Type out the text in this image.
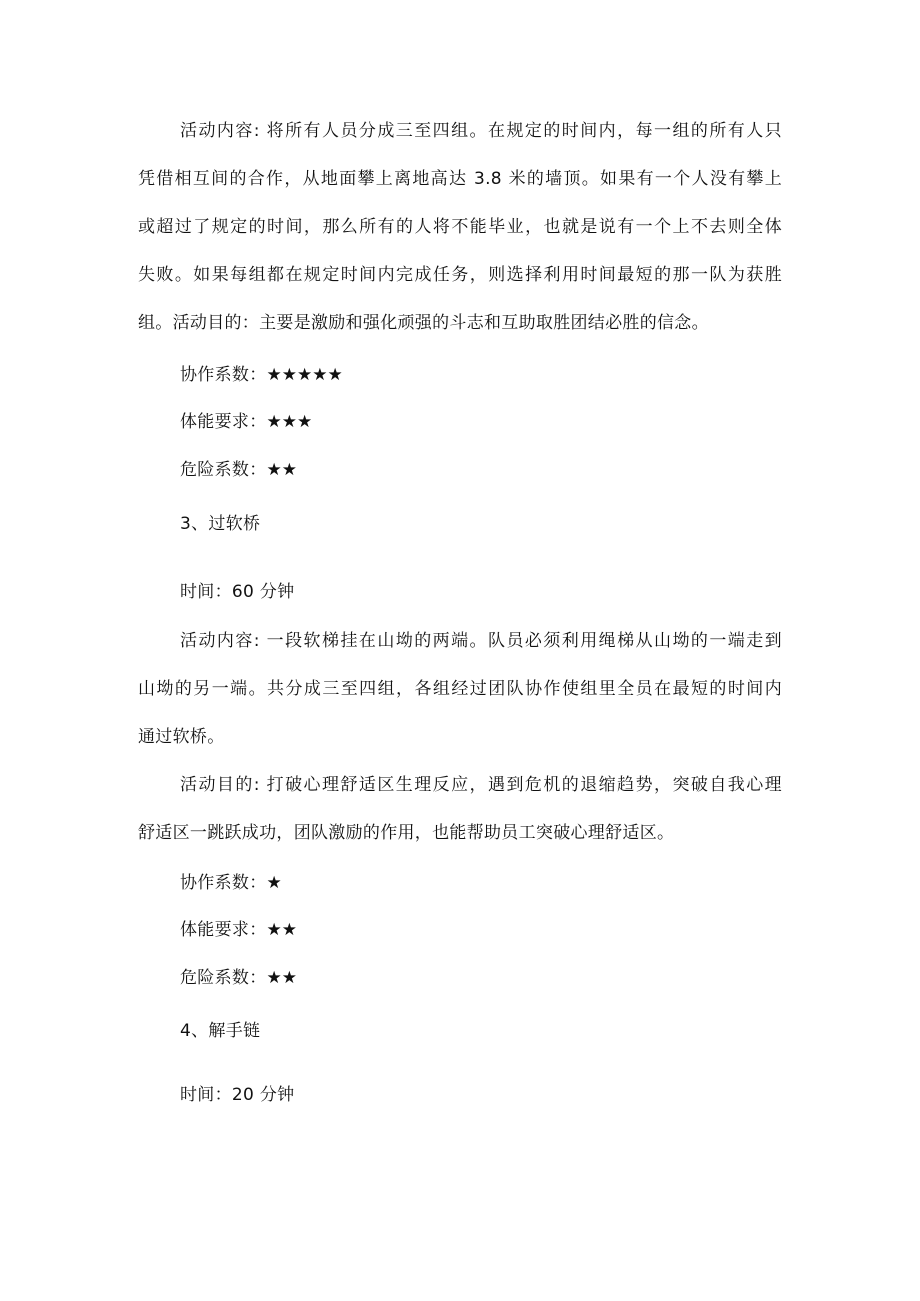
活动内容: 将所有人员分成三至四组。在规定的时间内，每一组的所有人只
凭借相互间的合作，从地面攀上离地高达 3.8 米的墙顶。如果有一个人没有攀上
或超过了规定的时间，那么所有的人将不能毕业，也就是说有一个上不去则全体
失败。如果每组都在规定时间内完成任务，则选择利用时间最短的那一队为获胜
组。活动目的：主要是激励和强化顽强的斗志和互助取胜团结必胜的信念。
协作系数：★★★★★
体能要求：★★★
危险系数：★★
3、过软桥
时间：60 分钟
活动内容: 一段软梯挂在山坳的两端。队员必须利用绳梯从山坳的一端走到
山坳的另一端。共分成三至四组，各组经过团队协作使组里全员在最短的时间内
通过软桥。
活动目的: 打破心理舒适区生理反应，遇到危机的退缩趋势，突破自我心理
舒适区一跳跃成功，团队激励的作用，也能帮助员工突破心理舒适区。
协作系数：★
体能要求：★★
危险系数：★★
4、解手链
时间：20 分钟
